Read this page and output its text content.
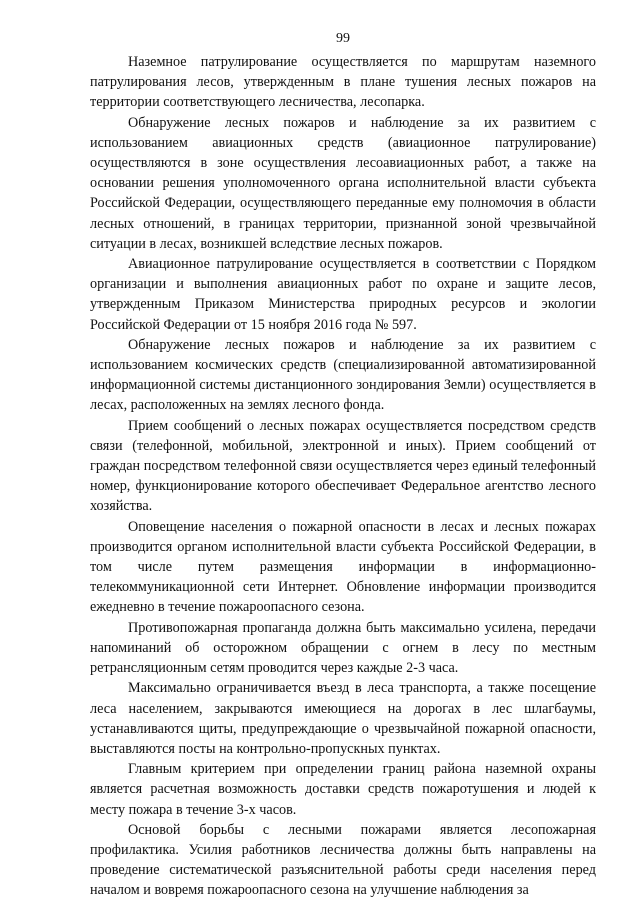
99

Наземное патрулирование осуществляется по маршрутам наземного патрулирования лесов, утвержденным в плане тушения лесных пожаров на территории соответствующего лесничества, лесопарка.

Обнаружение лесных пожаров и наблюдение за их развитием с использованием авиационных средств (авиационное патрулирование) осуществляются в зоне осуществления лесоавиационных работ, а также на основании решения уполномоченного органа исполнительной власти субъекта Российской Федерации, осуществляющего переданные ему полномочия в области лесных отношений, в границах территории, признанной зоной чрезвычайной ситуации в лесах, возникшей вследствие лесных пожаров.

Авиационное патрулирование осуществляется в соответствии с Порядком организации и выполнения авиационных работ по охране и защите лесов, утвержденным Приказом Министерства природных ресурсов и экологии Российской Федерации от 15 ноября 2016 года № 597.

Обнаружение лесных пожаров и наблюдение за их развитием с использованием космических средств (специализированной автоматизированной информационной системы дистанционного зондирования Земли) осуществляется в лесах, расположенных на землях лесного фонда.

Прием сообщений о лесных пожарах осуществляется посредством средств связи (телефонной, мобильной, электронной и иных). Прием сообщений от граждан посредством телефонной связи осуществляется через единый телефонный номер, функционирование которого обеспечивает Федеральное агентство лесного хозяйства.

Оповещение населения о пожарной опасности в лесах и лесных пожарах производится органом исполнительной власти субъекта Российской Федерации, в том числе путем размещения информации в информационно-телекоммуникационной сети Интернет. Обновление информации производится ежедневно в течение пожароопасного сезона.

Противопожарная пропаганда должна быть максимально усилена, передачи напоминаний об осторожном обращении с огнем в лесу по местным ретрансляционным сетям проводится через каждые 2-3 часа.

Максимально ограничивается въезд в леса транспорта, а также посещение леса населением, закрываются имеющиеся на дорогах в лес шлагбаумы, устанавливаются щиты, предупреждающие о чрезвычайной пожарной опасности, выставляются посты на контрольно-пропускных пунктах.

Главным критерием при определении границ района наземной охраны является расчетная возможность доставки средств пожаротушения и людей к месту пожара в течение 3-х часов.

Основой борьбы с лесными пожарами является лесопожарная профилактика. Усилия работников лесничества должны быть направлены на проведение систематической разъяснительной работы среди населения перед началом и вовремя пожароопасного сезона на улучшение наблюдения за
